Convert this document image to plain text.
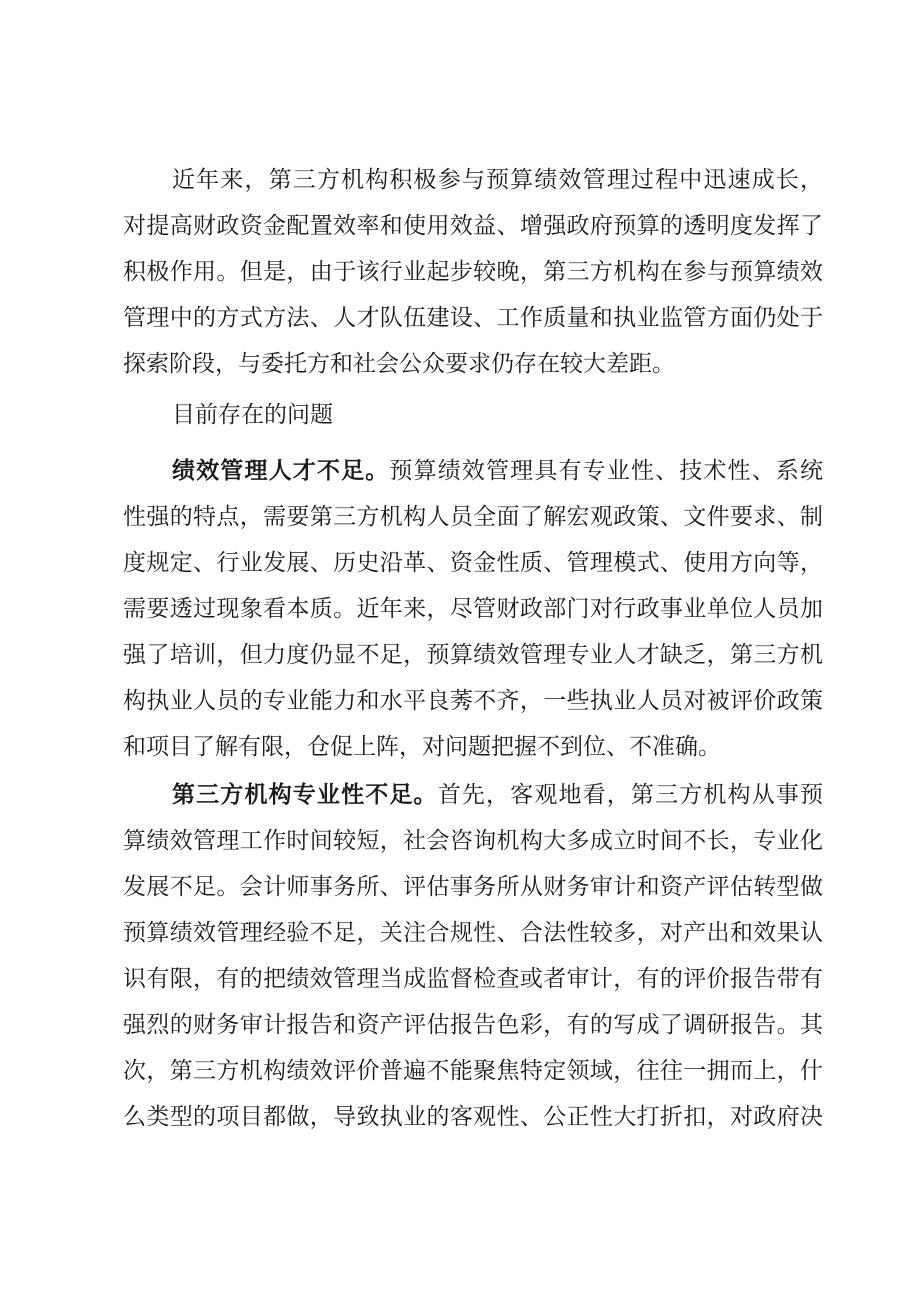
近年来，第三方机构积极参与预算绩效管理过程中迅速成长，
对提高财政资金配置效率和使用效益、增强政府预算的透明度发挥了
积极作用。但是，由于该行业起步较晚，第三方机构在参与预算绩效
管理中的方式方法、人才队伍建设、工作质量和执业监管方面仍处于
探索阶段，与委托方和社会公众要求仍存在较大差距。
目前存在的问题
绩效管理人才不足。预算绩效管理具有专业性、技术性、系统
性强的特点，需要第三方机构人员全面了解宏观政策、文件要求、制
度规定、行业发展、历史沿革、资金性质、管理模式、使用方向等，
需要透过现象看本质。近年来，尽管财政部门对行政事业单位人员加
强了培训，但力度仍显不足，预算绩效管理专业人才缺乏，第三方机
构执业人员的专业能力和水平良莠不齐，一些执业人员对被评价政策
和项目了解有限，仓促上阵，对问题把握不到位、不准确。
第三方机构专业性不足。首先，客观地看，第三方机构从事预
算绩效管理工作时间较短，社会咨询机构大多成立时间不长，专业化
发展不足。会计师事务所、评估事务所从财务审计和资产评估转型做
预算绩效管理经验不足，关注合规性、合法性较多，对产出和效果认
识有限，有的把绩效管理当成监督检查或者审计，有的评价报告带有
强烈的财务审计报告和资产评估报告色彩，有的写成了调研报告。其
次，第三方机构绩效评价普遍不能聚焦特定领域，往往一拥而上，什
么类型的项目都做，导致执业的客观性、公正性大打折扣，对政府决
